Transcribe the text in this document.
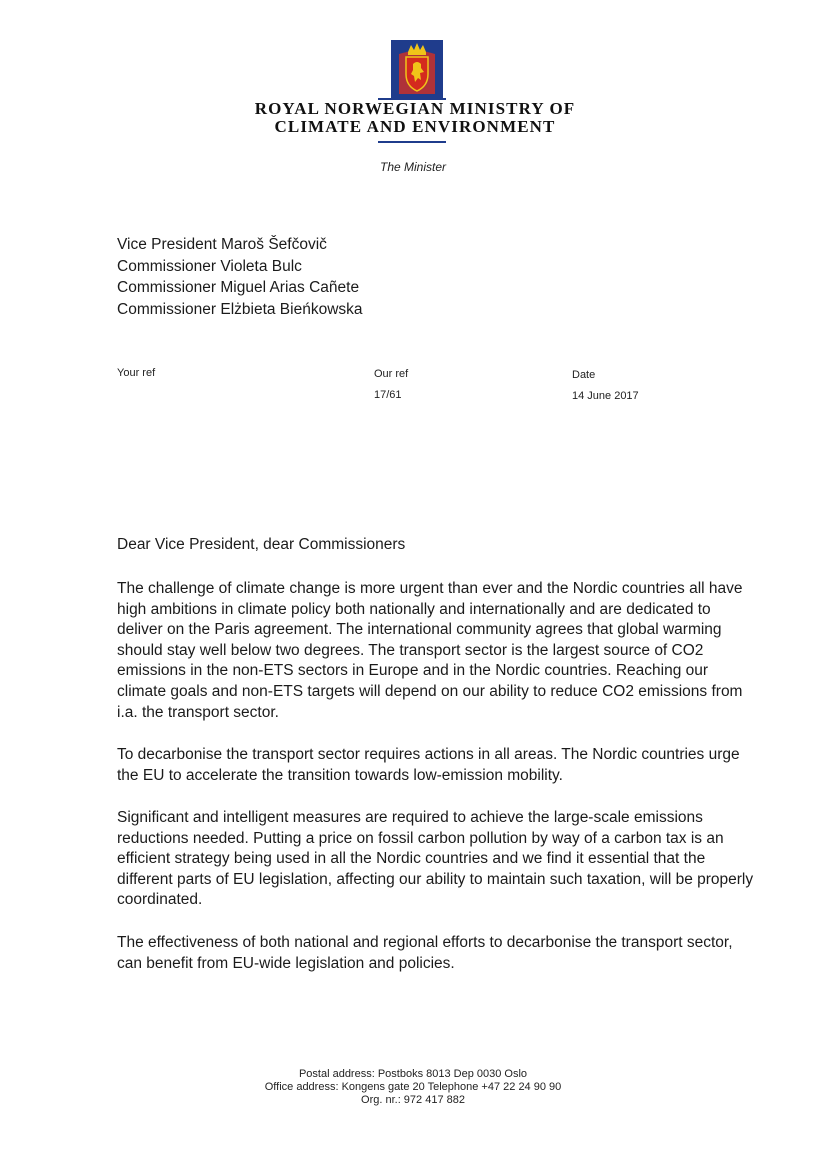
ROYAL NORWEGIAN MINISTRY OF
CLIMATE AND ENVIRONMENT
The Minister
Vice President Maroš Šefčovič
Commissioner Violeta Bulc
Commissioner Miguel Arias Cañete
Commissioner Elżbieta Bieńkowska
Your ref	Our ref
17/61
Date
14 June 2017
Dear Vice President, dear Commissioners
The challenge of climate change is more urgent than ever and the Nordic countries all have
high ambitions in climate policy both nationally and internationally and are dedicated to
deliver on the Paris agreement. The international community agrees that global warming
should stay well below two degrees. The transport sector is the largest source of CO2
emissions in the non-ETS sectors in Europe and in the Nordic countries. Reaching our
climate goals and non-ETS targets will depend on our ability to reduce CO2 emissions from
i.a. the transport sector.
To decarbonise the transport sector requires actions in all areas. The Nordic countries urge
the EU to accelerate the transition towards low-emission mobility.
Significant and intelligent measures are required to achieve the large-scale emissions
reductions needed. Putting a price on fossil carbon pollution by way of a carbon tax is an
efficient strategy being used in all the Nordic countries and we find it essential that the
different parts of EU legislation, affecting our ability to maintain such taxation, will be properly
coordinated.
The effectiveness of both national and regional efforts to decarbonise the transport sector,
can benefit from EU-wide legislation and policies.
Postal address: Postboks 8013 Dep 0030 Oslo
Office address: Kongens gate 20 Telephone +47 22 24 90 90
Org. nr.: 972 417 882
